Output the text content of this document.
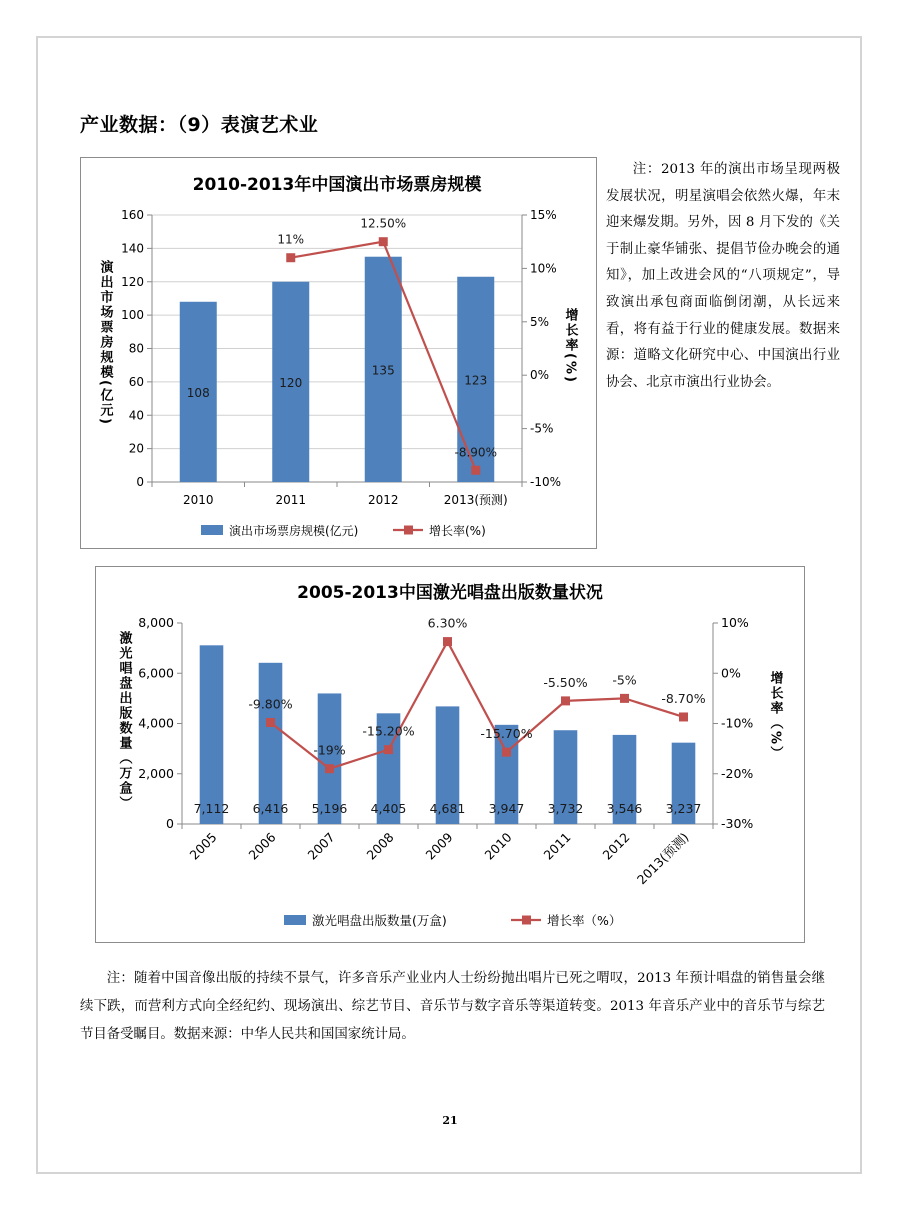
产业数据：（9）表演艺术业
2010-2013年中国演出市场票房规模
0
20
40
60
80
100
120
140
160
-10%
-5%
0%
5%
10%
15%
108
120
135
123
11%
12.50%
-8.90%
2010	2011	2012	2013(预测)
演出市场票房规模(亿元)	增长率(%)
演出市场票房规模(亿元)	增长率(%)
注：2013 年的演出市场呈现两极发展状况，明星演唱会依然火爆，年末迎来爆发期。另外，因 8 月下发的《关于制止豪华铺张、提倡节俭办晚会的通知》，加上改进会风的“八项规定”，导致演出承包商面临倒闭潮，从长远来看，将有益于行业的健康发展。数据来源：道略文化研究中心、中国演出行业协会、北京市演出行业协会。
2005-2013中国激光唱盘出版数量状况
0
2,000
4,000
6,000
8,000
-30%
-20%
-10%
0%
10%
7,112 6,416 5,196 4,405 4,681 3,947 3,732 3,546 3,237
-9.80%
-19%
-15.20%
6.30%
-15.70%
-5.50% -5%
-8.70%
2005 2006 2007 2008 2009 2010 2011 2012 2013(预测)
激光唱盘出版数量（万盒）	增长率（%）
激光唱盘出版数量(万盒)	增长率（%）
注：随着中国音像出版的持续不景气，许多音乐产业业内人士纷纷抛出唱片已死之喟叹，2013 年预计唱盘的销售量会继续下跌，而营利方式向全经纪约、现场演出、综艺节目、音乐节与数字音乐等渠道转变。2013 年音乐产业中的音乐节与综艺节目备受瞩目。数据来源：中华人民共和国国家统计局。
21
